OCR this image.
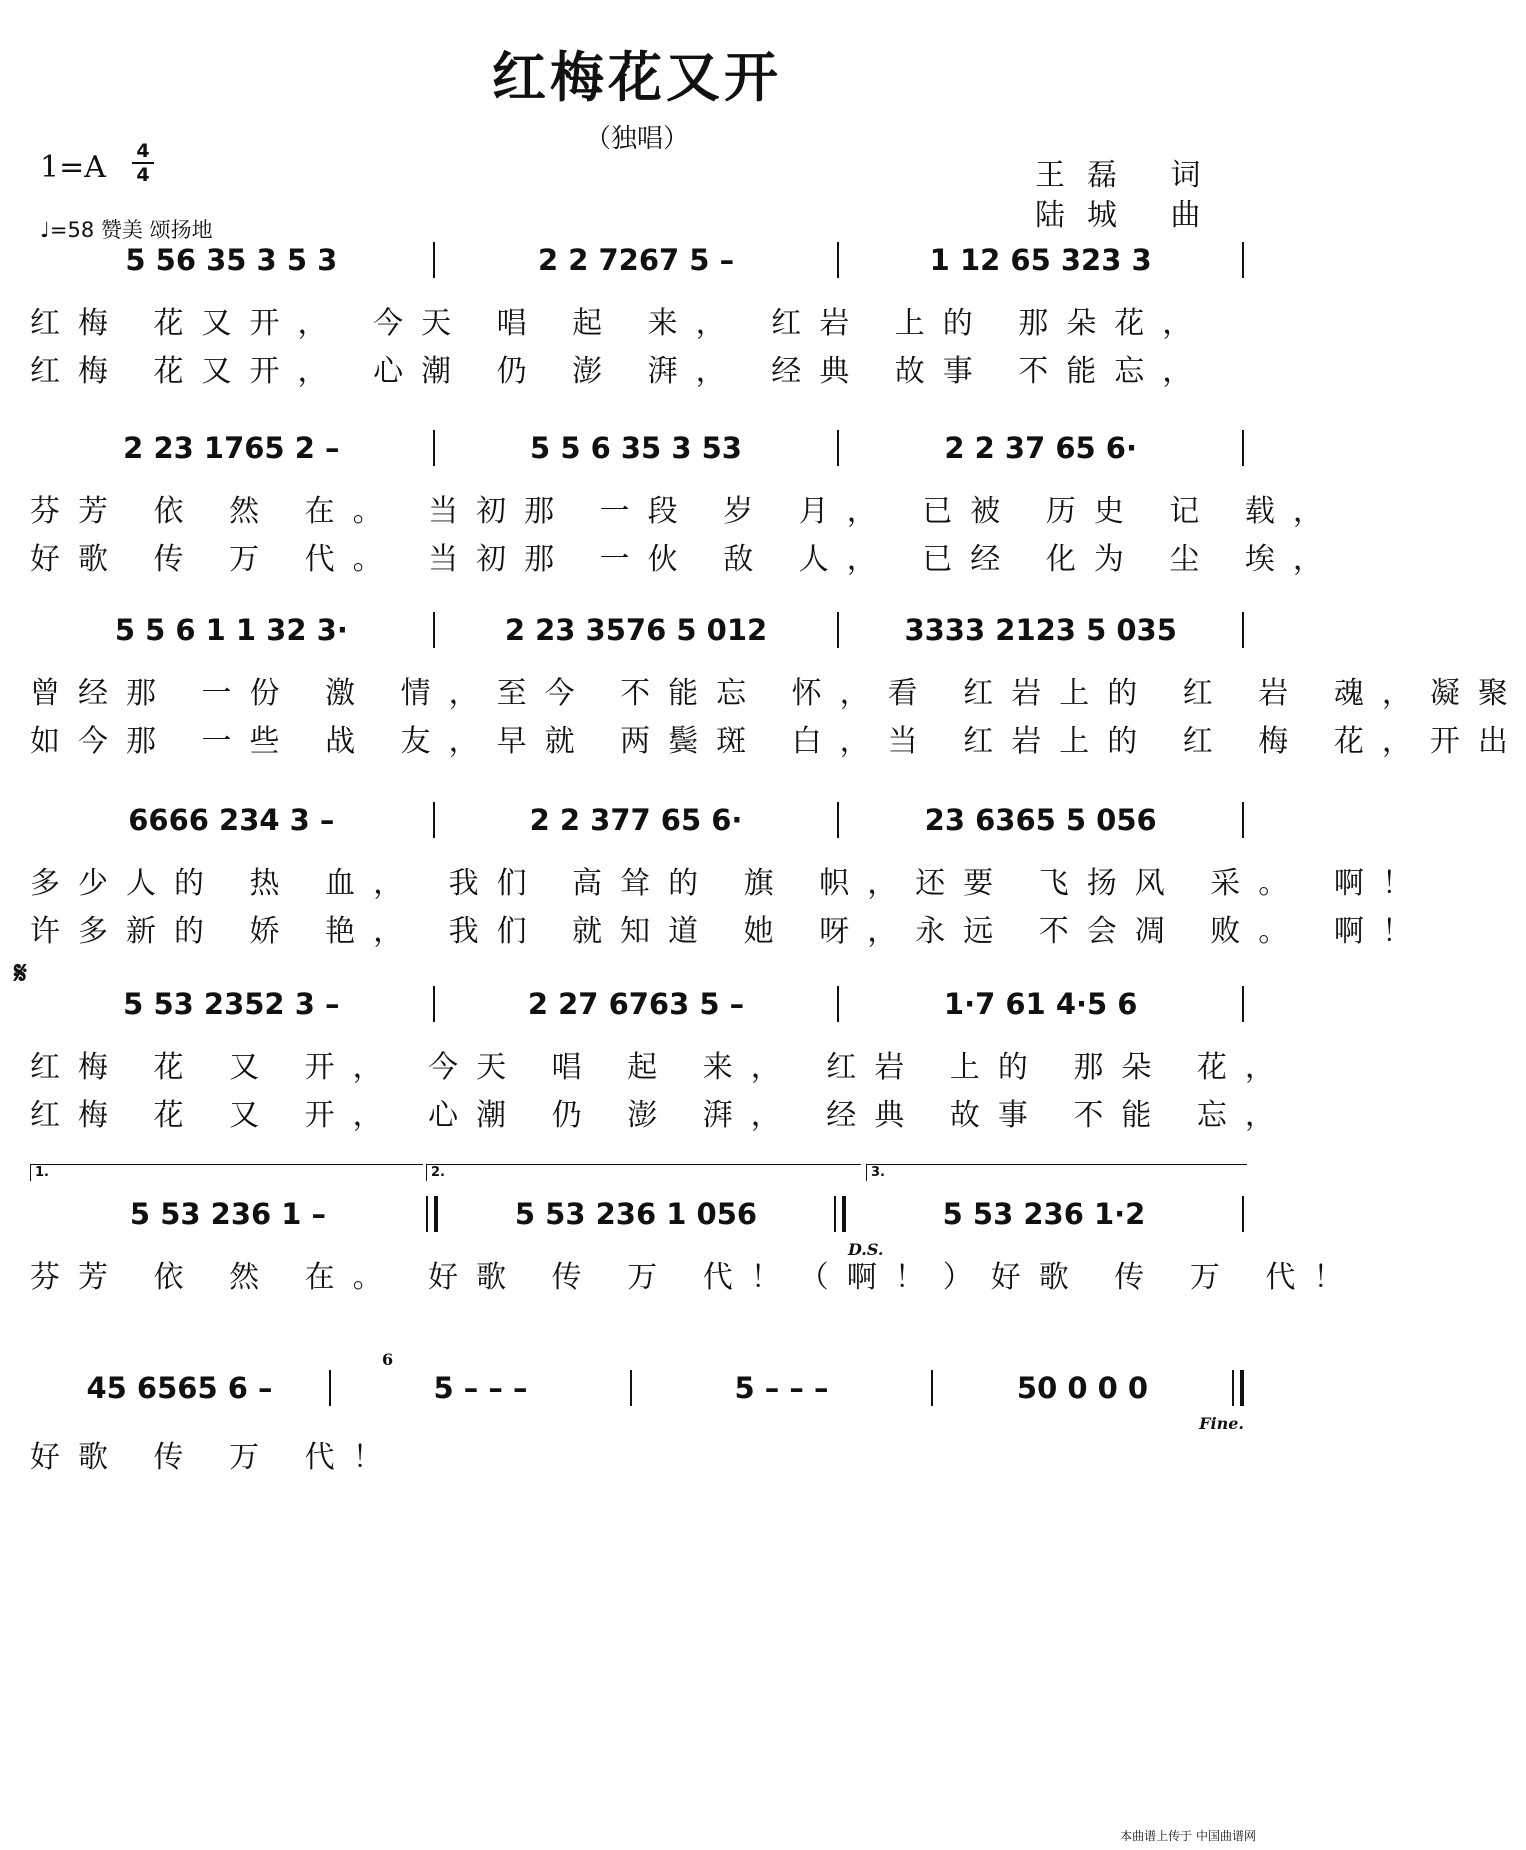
红梅花又开
（独唱）
1=A	4
4
♩=58 赞美 颂扬地
王磊 词
陆城 曲
5 56 35 3 5 3	2 2 7267 5 –	1 12 65 323 3
红梅 花又开， 今天 唱 起 来， 红岩 上的 那朵花，
红梅 花又开， 心潮 仍 澎 湃， 经典 故事 不能忘，
2 23 1765 2 –	5 5 6 35 3 53	2 2 37 65 6·
芬芳 依 然 在。 当初那 一段 岁 月， 已被 历史 记 载，
好歌 传 万 代。 当初那 一伙 敌 人， 已经 化为 尘 埃，
5 5 6 1 1 32 3·	2 23 3576 5 012	3333 2123 5 035
曾经那 一份 激 情，至今 不能忘 怀，看 红岩上的 红 岩 魂，凝聚
如今那 一些 战 友，早就 两鬓斑 白，当 红岩上的 红 梅 花，开出
6666 234 3 –	2 2 377 65 6·	23 6365 5 056
多少人的 热 血， 我们 高耸的 旗 帜，还要 飞扬风 采。 啊！
许多新的 娇 艳， 我们 就知道 她 呀，永远 不会凋 败。 啊！
𝄋
5 53 2352 3 –	2 27 6763 5 –	1·7 61 4·5 6
红梅 花 又 开， 今天 唱 起 来， 红岩 上的 那朵 花，
红梅 花 又 开， 心潮 仍 澎 湃， 经典 故事 不能 忘，
1.	2.	3.
5 53 236 1 –	5 53 236 1 056	5 53 236 1·2
D.S.
芬芳 依 然 在。 好歌 传 万 代！（啊！）好歌 传 万 代！
6
45 6565 6 –	5 – – –	5 – – –	50 0 0 0
Fine.
好歌 传 万 代！
本曲谱上传于 中国曲谱网
